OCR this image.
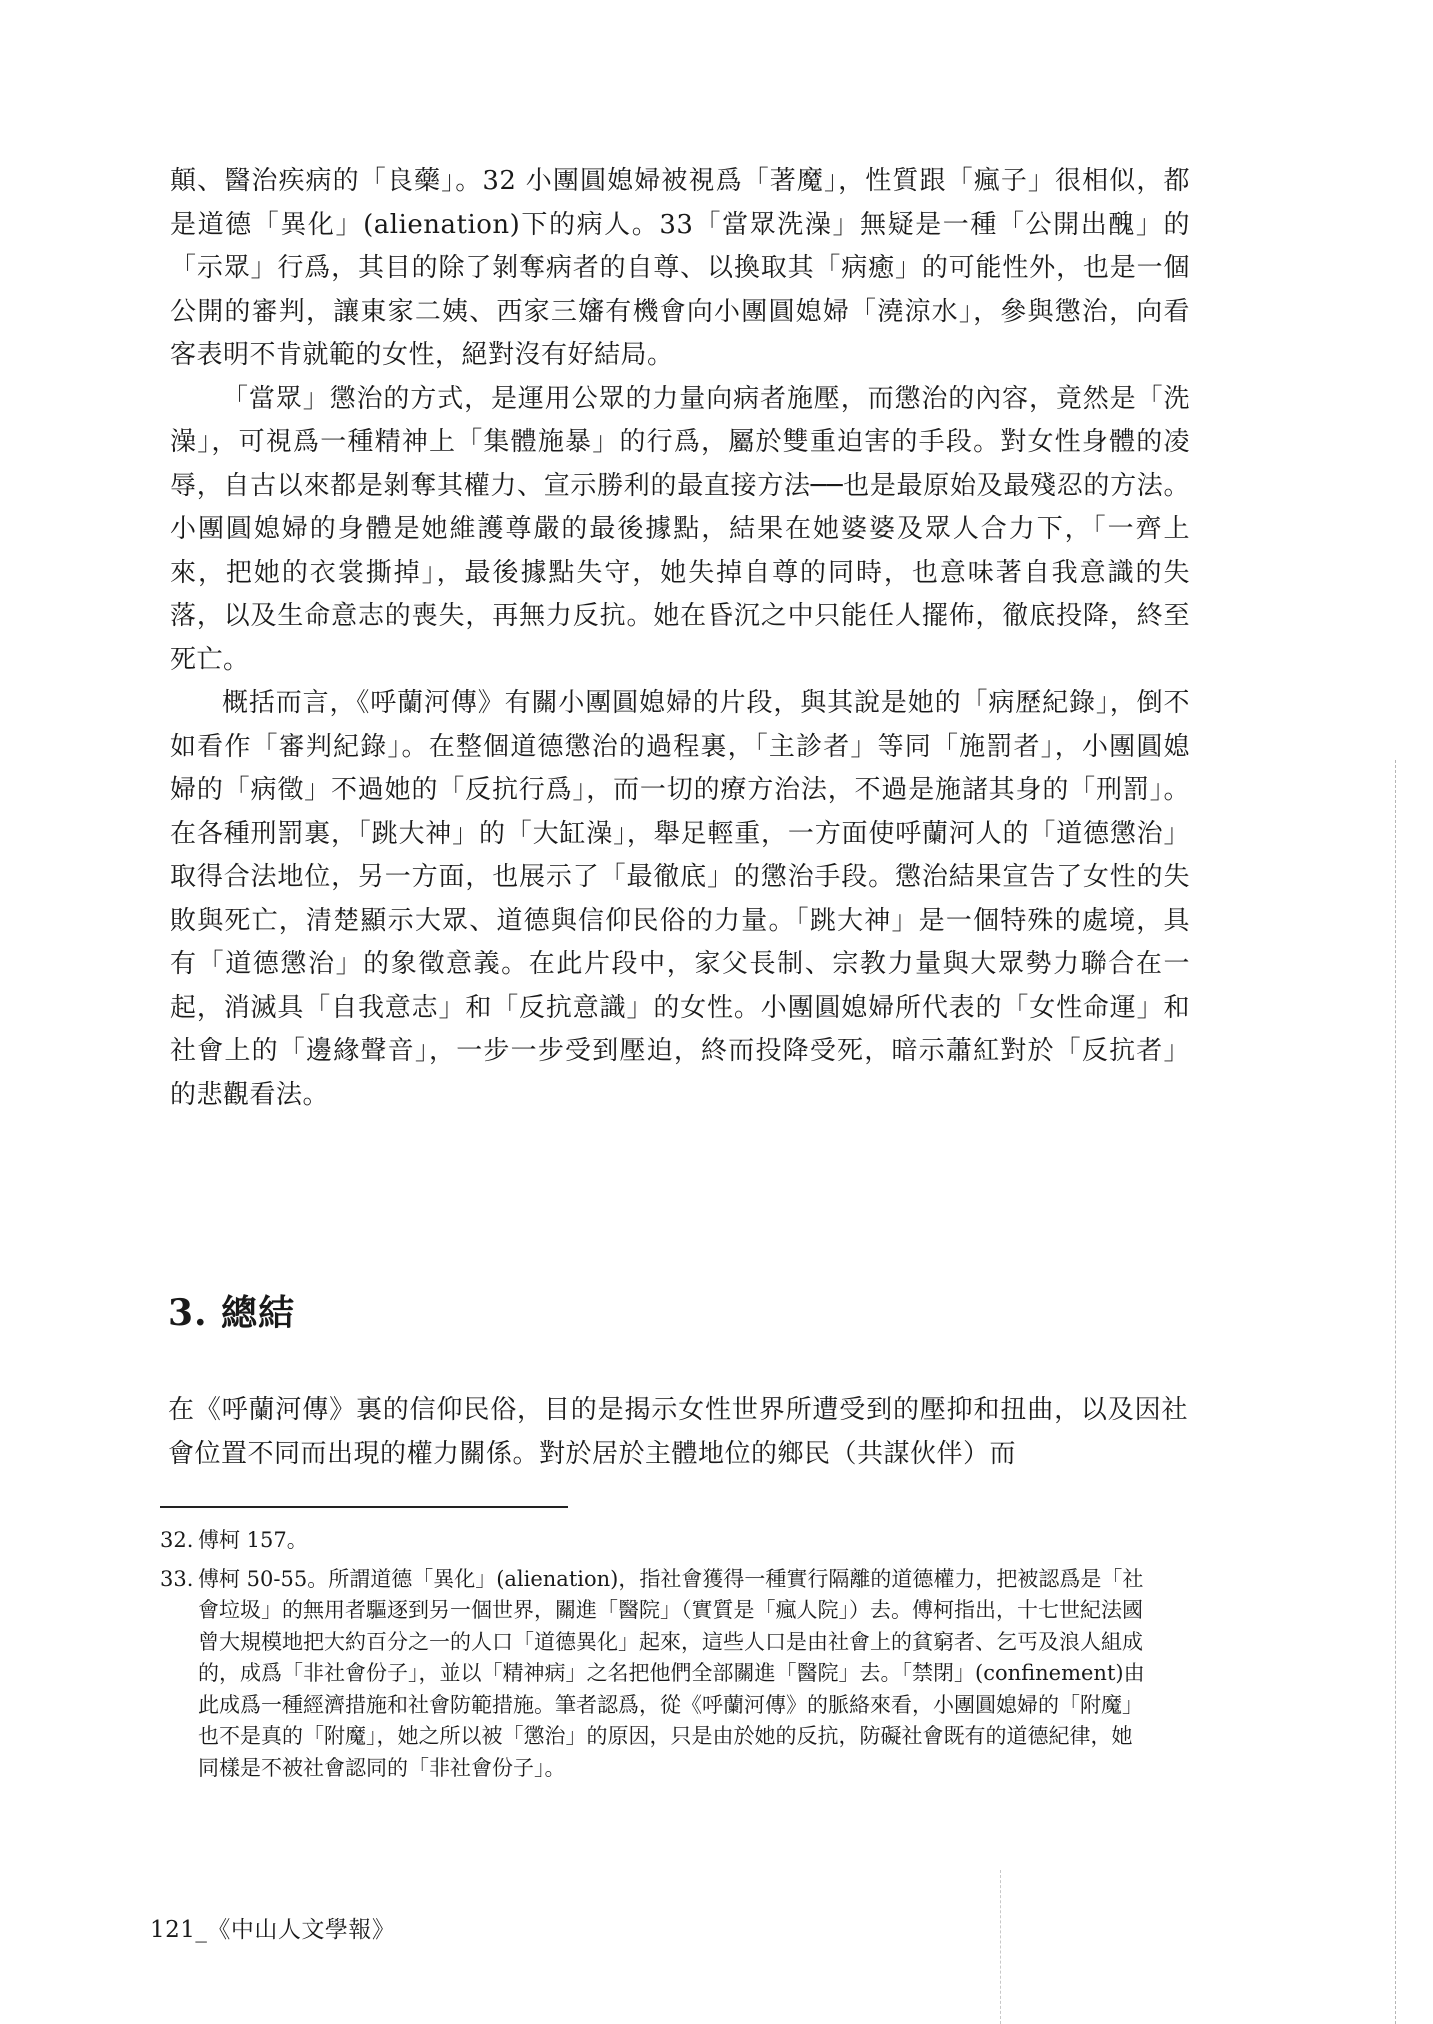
顛、醫治疾病的「良藥」。32 小團圓媳婦被視爲「著魔」，性質跟「瘋子」很相似，都是道德「異化」(alienation)下的病人。33「當眾洗澡」無疑是一種「公開出醜」的「示眾」行爲，其目的除了剝奪病者的自尊、以換取其「病癒」的可能性外，也是一個公開的審判，讓東家二姨、西家三嬸有機會向小團圓媳婦「澆涼水」，參與懲治，向看客表明不肯就範的女性，絕對沒有好結局。

「當眾」懲治的方式，是運用公眾的力量向病者施壓，而懲治的內容，竟然是「洗澡」，可視爲一種精神上「集體施暴」的行爲，屬於雙重迫害的手段。對女性身體的凌辱，自古以來都是剝奪其權力、宣示勝利的最直接方法──也是最原始及最殘忍的方法。小團圓媳婦的身體是她維護尊嚴的最後據點，結果在她婆婆及眾人合力下，「一齊上來，把她的衣裳撕掉」，最後據點失守，她失掉自尊的同時，也意味著自我意識的失落，以及生命意志的喪失，再無力反抗。她在昏沉之中只能任人擺佈，徹底投降，終至死亡。

概括而言，《呼蘭河傳》有關小團圓媳婦的片段，與其說是她的「病歷紀錄」，倒不如看作「審判紀錄」。在整個道德懲治的過程裏，「主診者」等同「施罰者」，小團圓媳婦的「病徵」不過她的「反抗行爲」，而一切的療方治法，不過是施諸其身的「刑罰」。在各種刑罰裏，「跳大神」的「大缸澡」，舉足輕重，一方面使呼蘭河人的「道德懲治」取得合法地位，另一方面，也展示了「最徹底」的懲治手段。懲治結果宣告了女性的失敗與死亡，清楚顯示大眾、道德與信仰民俗的力量。「跳大神」是一個特殊的處境，具有「道德懲治」的象徵意義。在此片段中，家父長制、宗教力量與大眾勢力聯合在一起，消滅具「自我意志」和「反抗意識」的女性。小團圓媳婦所代表的「女性命運」和社會上的「邊緣聲音」，一步一步受到壓迫，終而投降受死，暗示蕭紅對於「反抗者」的悲觀看法。

3. 總結

在《呼蘭河傳》裏的信仰民俗，目的是揭示女性世界所遭受到的壓抑和扭曲，以及因社會位置不同而出現的權力關係。對於居於主體地位的鄉民（共謀伙伴）而

32. 傅柯 157。

33. 傅柯 50-55。所謂道德「異化」(alienation)，指社會獲得一種實行隔離的道德權力，把被認爲是「社會垃圾」的無用者驅逐到另一個世界，關進「醫院」（實質是「瘋人院」）去。傅柯指出，十七世紀法國曾大規模地把大約百分之一的人口「道德異化」起來，這些人口是由社會上的貧窮者、乞丐及浪人組成的，成爲「非社會份子」，並以「精神病」之名把他們全部關進「醫院」去。「禁閉」(confinement)由此成爲一種經濟措施和社會防範措施。筆者認爲，從《呼蘭河傳》的脈絡來看，小團圓媳婦的「附魔」也不是真的「附魔」，她之所以被「懲治」的原因，只是由於她的反抗，防礙社會既有的道德紀律，她同樣是不被社會認同的「非社會份子」。

121_《中山人文學報》
